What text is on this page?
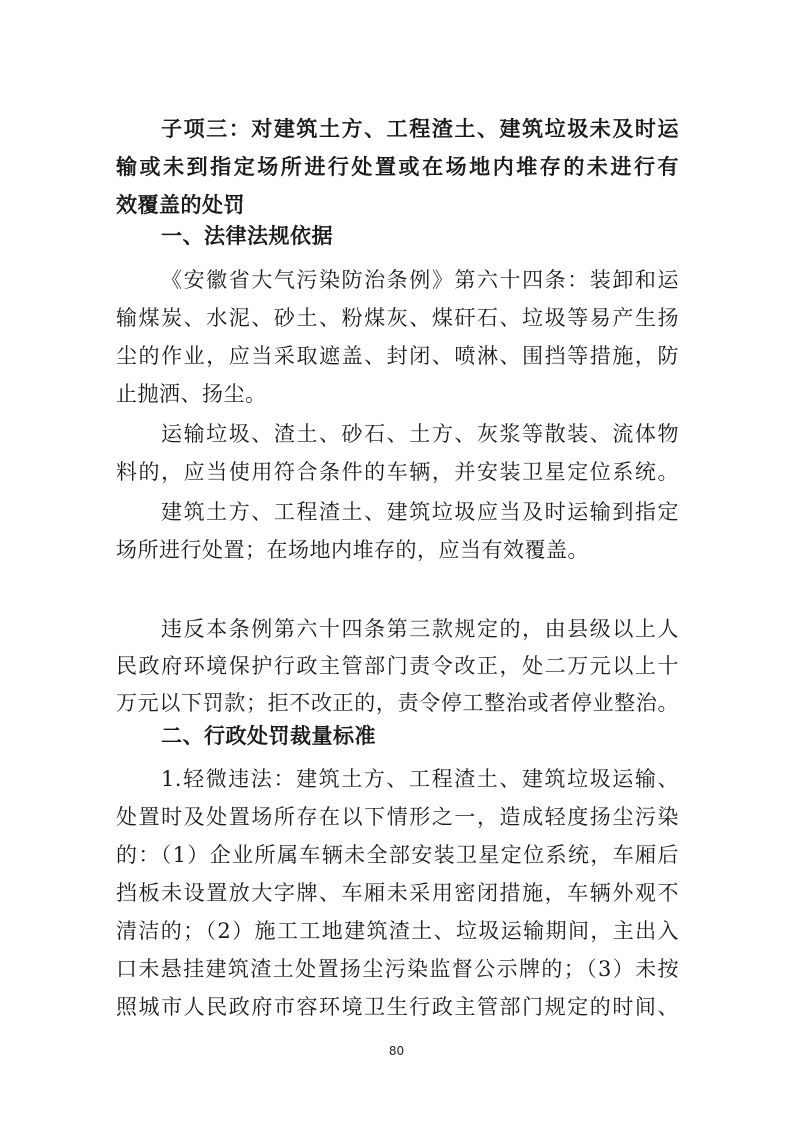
子项三：对建筑土方、工程渣土、建筑垃圾未及时运
输或未到指定场所进行处置或在场地内堆存的未进行有
效覆盖的处罚
一、法律法规依据
《安徽省大气污染防治条例》第六十四条：装卸和运
输煤炭、水泥、砂土、粉煤灰、煤矸石、垃圾等易产生扬
尘的作业，应当采取遮盖、封闭、喷淋、围挡等措施，防
止抛洒、扬尘。
运输垃圾、渣土、砂石、土方、灰浆等散装、流体物
料的，应当使用符合条件的车辆，并安装卫星定位系统。
建筑土方、工程渣土、建筑垃圾应当及时运输到指定
场所进行处置；在场地内堆存的，应当有效覆盖。
违反本条例第六十四条第三款规定的，由县级以上人
民政府环境保护行政主管部门责令改正，处二万元以上十
万元以下罚款；拒不改正的，责令停工整治或者停业整治。
二、行政处罚裁量标准
1.轻微违法：建筑土方、工程渣土、建筑垃圾运输、
处置时及处置场所存在以下情形之一，造成轻度扬尘污染
的：（1）企业所属车辆未全部安装卫星定位系统，车厢后
挡板未设置放大字牌、车厢未采用密闭措施，车辆外观不
清洁的；（2）施工工地建筑渣土、垃圾运输期间，主出入
口未悬挂建筑渣土处置扬尘污染监督公示牌的；（3）未按
照城市人民政府市容环境卫生行政主管部门规定的时间、
80
